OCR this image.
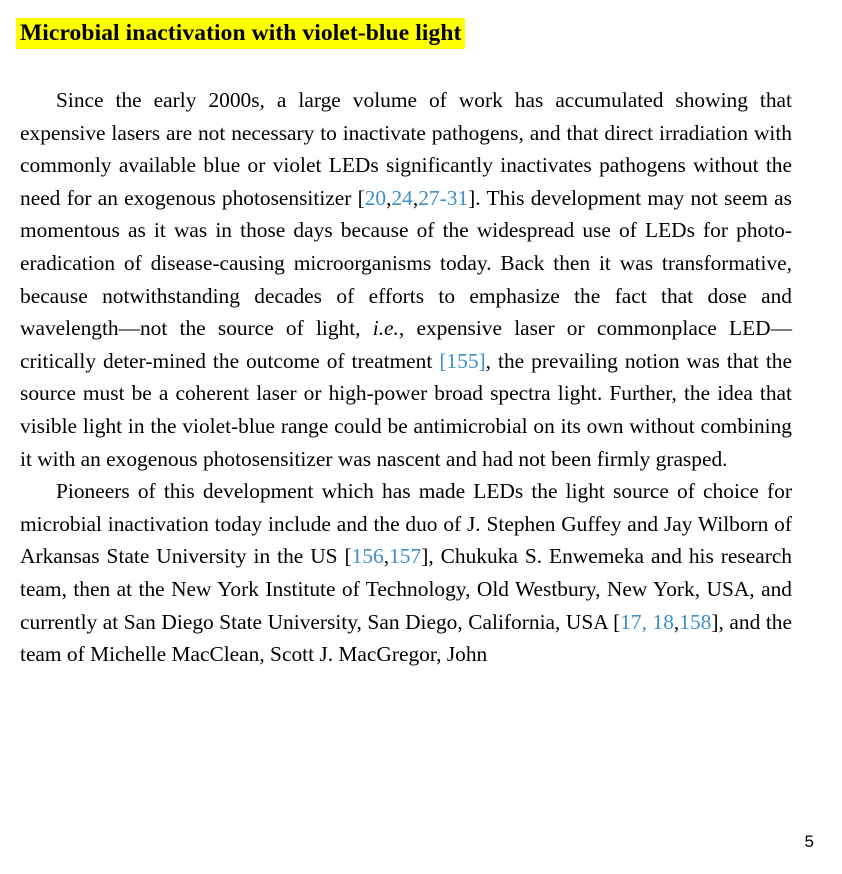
Microbial inactivation with violet-blue light

Since the early 2000s, a large volume of work has accumulated showing that expensive lasers are not necessary to inactivate pathogens, and that direct irradiation with commonly available blue or violet LEDs significantly inactivates pathogens without the need for an exogenous photosensitizer [20,24,27-31]. This development may not seem as momentous as it was in those days because of the widespread use of LEDs for photo-eradication of disease-causing microorganisms today. Back then it was transformative, because notwithstanding decades of efforts to emphasize the fact that dose and wavelength—not the source of light, i.e., expensive laser or commonplace LED—critically deter-mined the outcome of treatment [155], the prevailing notion was that the source must be a coherent laser or high-power broad spectra light. Further, the idea that visible light in the violet-blue range could be antimicrobial on its own without combining it with an exogenous photosensitizer was nascent and had not been firmly grasped.

Pioneers of this development which has made LEDs the light source of choice for microbial inactivation today include and the duo of J. Stephen Guffey and Jay Wilborn of Arkansas State University in the US [156,157], Chukuka S. Enwemeka and his research team, then at the New York Institute of Technology, Old Westbury, New York, USA, and currently at San Diego State University, San Diego, California, USA [17, 18,158], and the team of Michelle MacClean, Scott J. MacGregor, John

5
